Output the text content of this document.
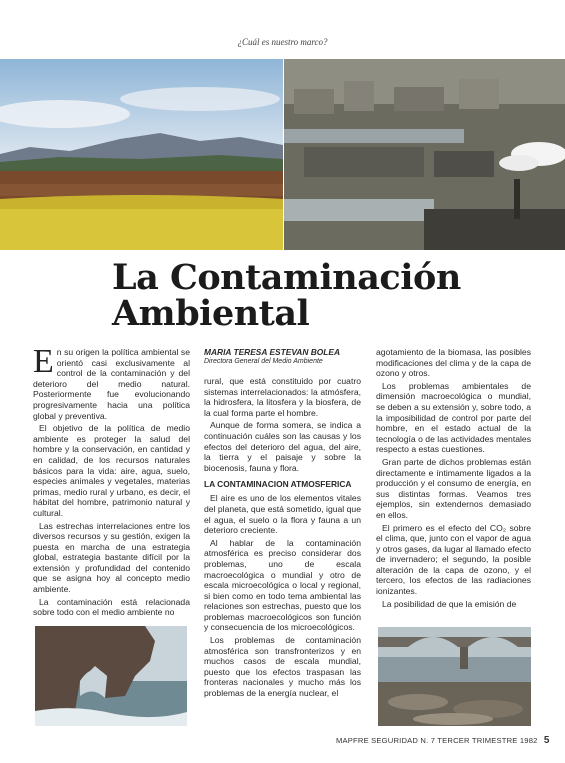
¿Cuál es nuestro marco?
La Contaminación
Ambiental
E n su origen la política ambiental se orientó casi exclusivamente al control de la contaminación y del deterioro del medio natural. Posteriormente fue evolucionando progresivamente hacia una política global y preventiva.

El objetivo de la política de medio ambiente es proteger la salud del hombre y la conservación, en cantidad y en calidad, de los recursos naturales básicos para la vida: aire, agua, suelo, especies animales y vegetales, materias primas, medio rural y urbano, es decir, el hábitat del hombre, patrimonio natural y cultural.

Las estrechas interrelaciones entre los diversos recursos y su gestión, exigen la puesta en marcha de una estrategia global, estrategia bastante difícil por la extensión y profundidad del contenido que se asigna hoy al concepto medio ambiente.

La contaminación está relacionada sobre todo con el medio ambiente no

MARIA TERESA ESTEVAN BOLEA
Directora General del Medio Ambiente

rural, que está constituido por cuatro sistemas interrelacionados: la atmósfera, la hidrosfera, la litosfera y la biosfera, de la cual forma parte el hombre.

Aunque de forma somera, se indica a continuación cuáles son las causas y los efectos del deterioro del agua, del aire, la tierra y el paisaje y sobre la biocenosis, fauna y flora.

LA CONTAMINACION ATMOSFERICA

El aire es uno de los elementos vitales del planeta, que está sometido, igual que el agua, el suelo o la flora y fauna a un deterioro creciente.

Al hablar de la contaminación atmosférica es preciso considerar dos problemas, uno de escala macroecológica o mundial y otro de escala microecológica o local y regional, si bien como en todo tema ambiental las relaciones son estrechas, puesto que los problemas macroecológicos son función y consecuencia de los microecológicos.

Los problemas de contaminación atmosférica son transfronterizos y en muchos casos de escala mundial, puesto que los efectos traspasan las fronteras nacionales y mucho más los problemas de la energía nuclear, el

agotamiento de la biomasa, las posibles modificaciones del clima y de la capa de ozono y otros.

Los problemas ambientales de dimensión macroecológica o mundial, se deben a su extensión y, sobre todo, a la imposibilidad de control por parte del hombre, en el estado actual de la tecnología o de las actividades mentales respecto a estas cuestiones.

Gran parte de dichos problemas están directamente e íntimamente ligados a la producción y el consumo de energía, en sus distintas formas. Veamos tres ejemplos, sin extendernos demasiado en ellos.

El primero es el efecto del CO₂ sobre el clima, que, junto con el vapor de agua y otros gases, da lugar al llamado efecto de invernadero; el segundo, la posible alteración de la capa de ozono, y el tercero, los efectos de las radiaciones ionizantes.

La posibilidad de que la emisión de

MAPFRE SEGURIDAD N. 7 TERCER TRIMESTRE 1982 5
